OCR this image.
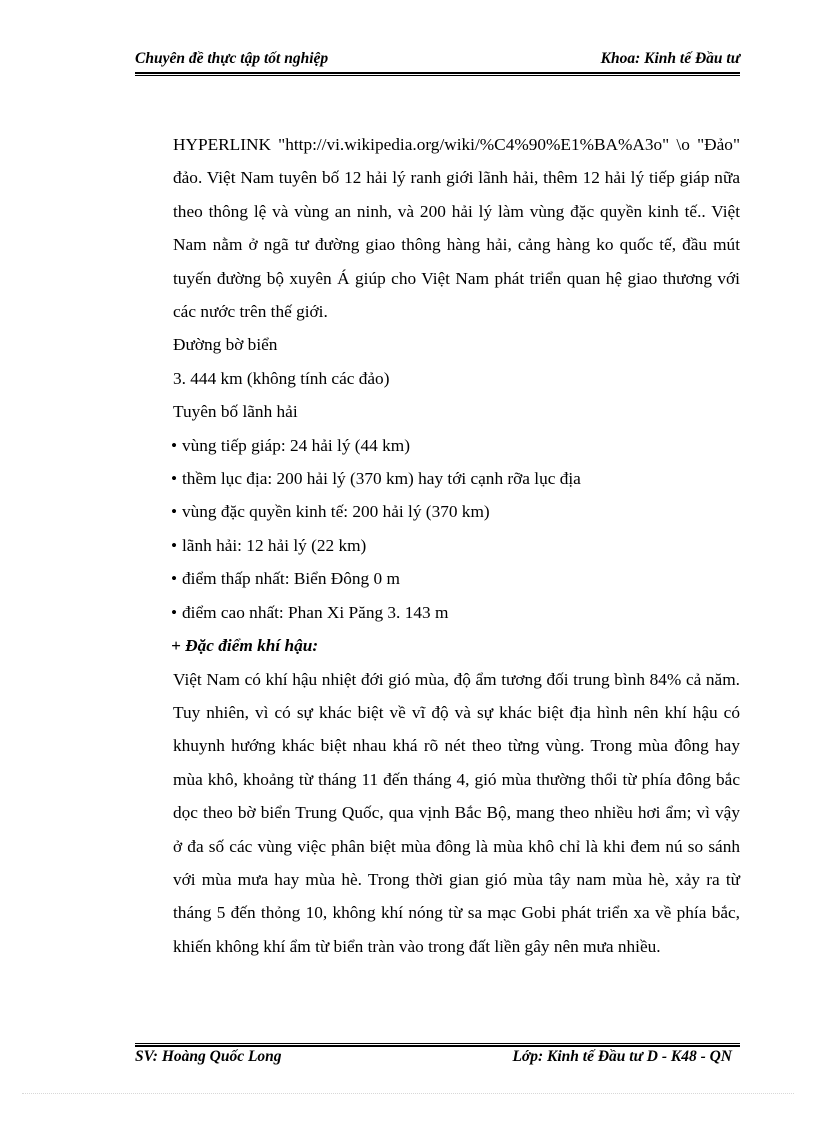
Chuyên đề thực tập tốt nghiệp	Khoa: Kinh tế Đầu tư

HYPERLINK "http://vi.wikipedia.org/wiki/%C4%90%E1%BA%A3o" \o "Đảo" đảo. Việt Nam tuyên bố 12 hải lý ranh giới lãnh hải, thêm 12 hải lý tiếp giáp nữa theo thông lệ và vùng an ninh, và 200 hải lý làm vùng đặc quyền kinh tế.. Việt Nam nằm ở ngã tư đường giao thông hàng hải, cảng hàng ko quốc tế, đầu mút tuyến đường bộ xuyên Á giúp cho Việt Nam phát triển quan hệ giao thương với các nước trên thế giới.

Đường bờ biển

3. 444 km (không tính các đảo)

Tuyên bố lãnh hải

• vùng tiếp giáp: 24 hải lý (44 km)

• thềm lục địa: 200 hải lý (370 km) hay tới cạnh rỡa lục địa

• vùng đặc quyền kinh tế: 200 hải lý (370 km)

• lãnh hải: 12 hải lý (22 km)

• điểm thấp nhất: Biển Đông 0 m

• điểm cao nhất: Phan Xi Păng 3. 143 m

+ Đặc điểm khí hậu:

Việt Nam có khí hậu nhiệt đới gió mùa, độ ẩm tương đối trung bình 84% cả năm. Tuy nhiên, vì có sự khác biệt về vĩ độ và sự khác biệt địa hình nên khí hậu có khuynh hướng khác biệt nhau khá rõ nét theo từng vùng. Trong mùa đông hay mùa khô, khoảng từ tháng 11 đến tháng 4, gió mùa thường thổi từ phía đông bắc dọc theo bờ biển Trung Quốc, qua vịnh Bắc Bộ, mang theo nhiều hơi ẩm; vì vậy ở đa số các vùng việc phân biệt mùa đông là mùa khô chỉ là khi đem nú so sánh với mùa mưa hay mùa hè. Trong thời gian gió mùa tây nam mùa hè, xảy ra từ tháng 5 đến thỏng 10, không khí nóng từ sa mạc Gobi phát triển xa về phía bắc, khiến không khí ẩm từ biển tràn vào trong đất liền gây nên mưa nhiều.

SV: Hoàng Quốc Long	Lớp: Kinh tế Đầu tư D - K48 - QN
